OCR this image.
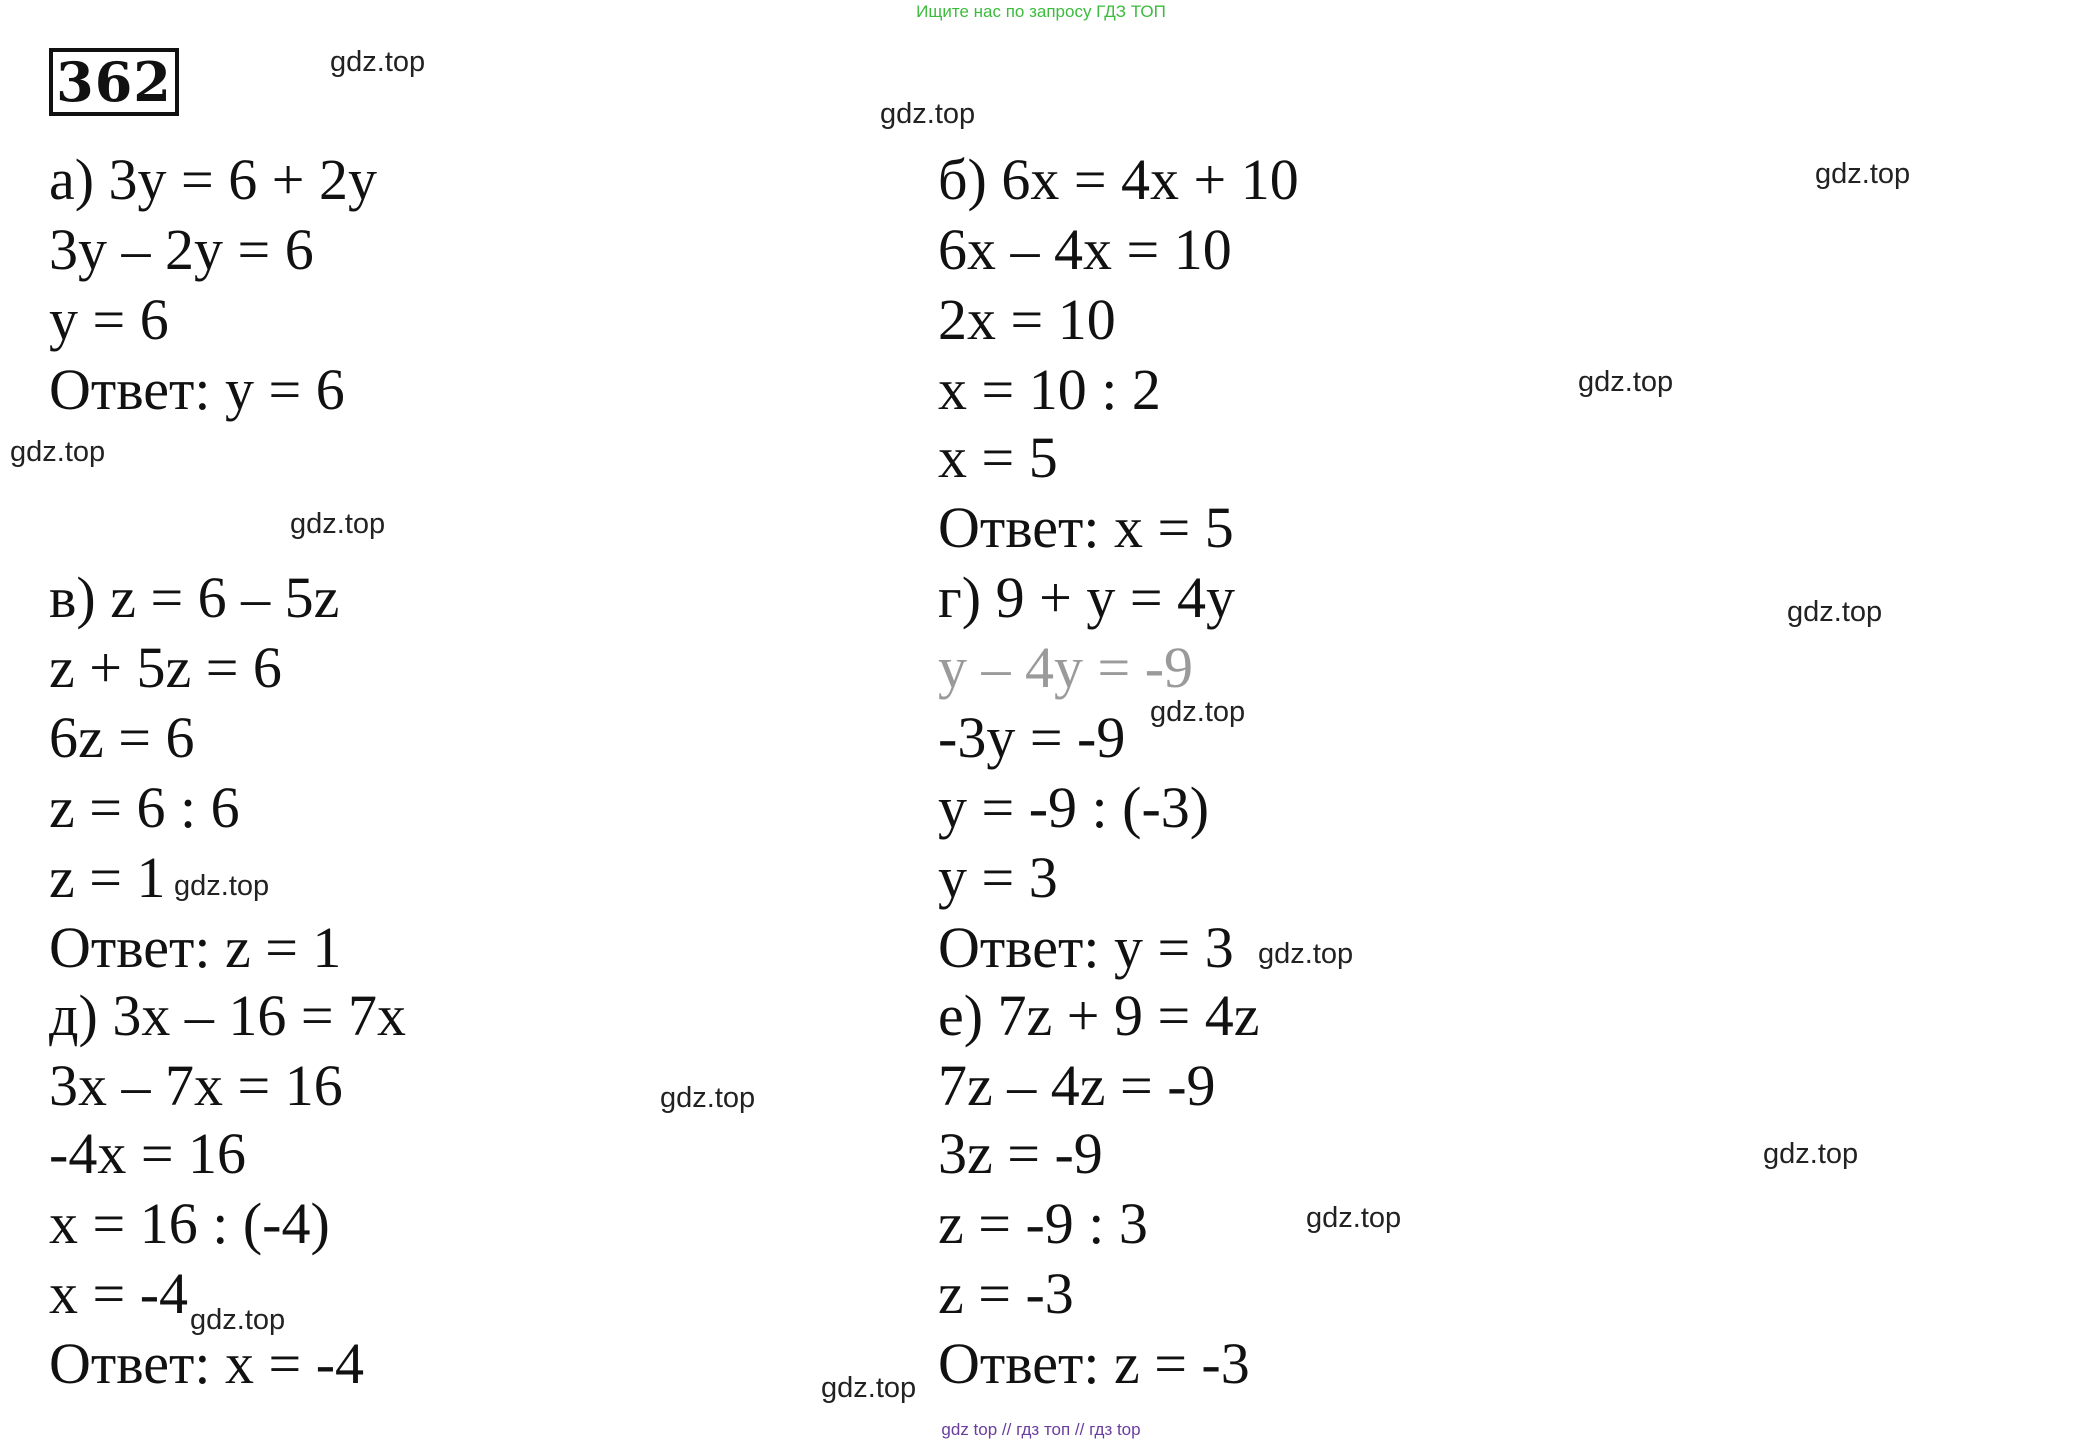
Ищите нас по запросу ГДЗ ТОП
362
а) 3y = 6 + 2y
3y – 2y = 6
y = 6
Ответ: y = 6
в) z = 6 – 5z
z + 5z = 6
6z = 6
z = 6 : 6
z = 1
Ответ: z = 1
д) 3x – 16 = 7x
3x – 7x = 16
-4x = 16
x = 16 : (-4)
x = -4
Ответ: x = -4
б) 6x = 4x + 10
6x – 4x = 10
2x = 10
x = 10 : 2
x = 5
Ответ: x = 5
г) 9 + y = 4y
y – 4y = -9
-3y = -9
y = -9 : (-3)
y = 3
Ответ: y = 3
е) 7z + 9 = 4z
7z – 4z = -9
3z = -9
z = -9 : 3
z = -3
Ответ: z = -3
gdz.top
gdz.top
gdz.top
gdz.top
gdz.top
gdz.top
gdz.top
gdz.top
gdz.top
gdz.top
gdz.top
gdz.top
gdz.top
gdz.top
gdz.top
gdz top // гдз топ // гдз top
